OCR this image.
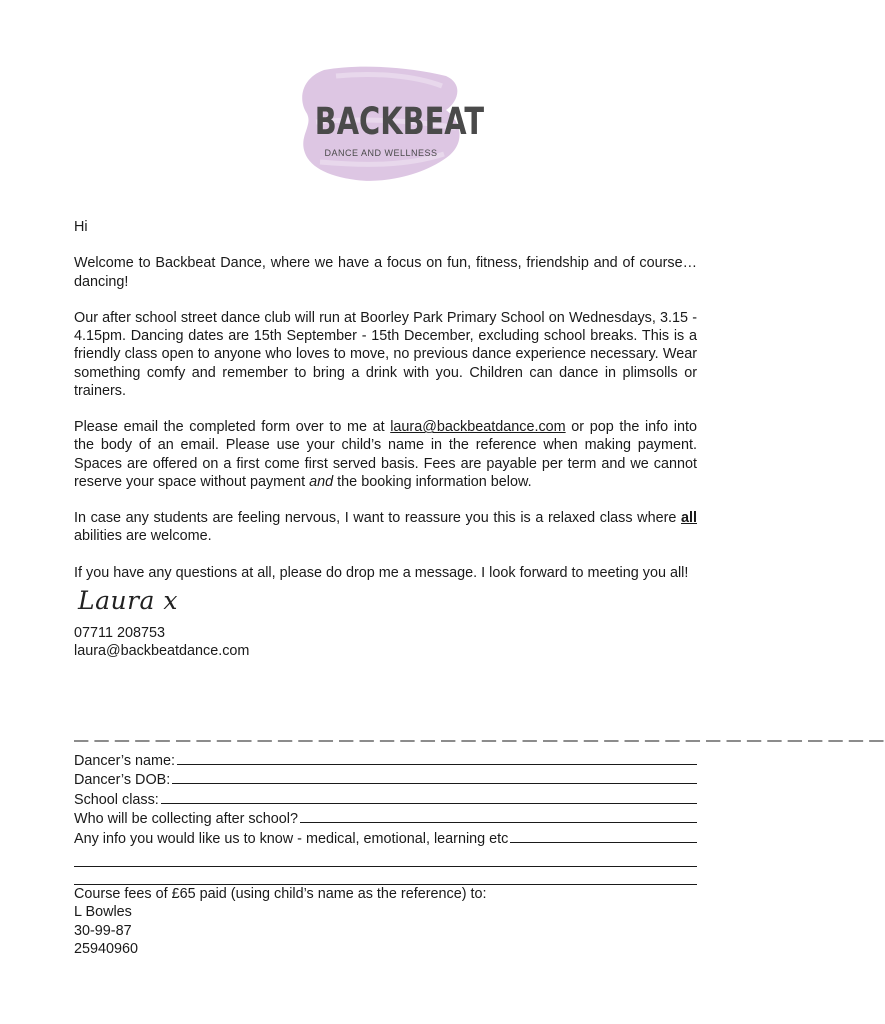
BACKBEAT
DANCE AND WELLNESS

Hi

Welcome to Backbeat Dance, where we have a focus on fun, fitness, friendship and of course… dancing!

Our after school street dance club will run at Boorley Park Primary School on Wednesdays, 3.15 - 4.15pm. Dancing dates are 15th September - 15th December, excluding school breaks. This is a friendly class open to anyone who loves to move, no previous dance experience necessary. Wear something comfy and remember to bring a drink with you. Children can dance in plimsolls or trainers.

Please email the completed form over to me at laura@backbeatdance.com or pop the info into the body of an email. Please use your child’s name in the reference when making payment. Spaces are offered on a first come first served basis. Fees are payable per term and we cannot reserve your space without payment and the booking information below.

In case any students are feeling nervous, I want to reassure you this is a relaxed class where all abilities are welcome.

If you have any questions at all, please do drop me a message. I look forward to meeting you all!

Laura x
07711 208753
laura@backbeatdance.com
— — — — — — — — — — — — — — — — — — — — — — — — — — — — — — — — — — — — — — — —
Dancer’s name:
Dancer’s DOB:
School class:
Who will be collecting after school?
Any info you would like us to know - medical, emotional, learning etc
Course fees of £65 paid (using child’s name as the reference) to:
L Bowles
30-99-87
25940960
